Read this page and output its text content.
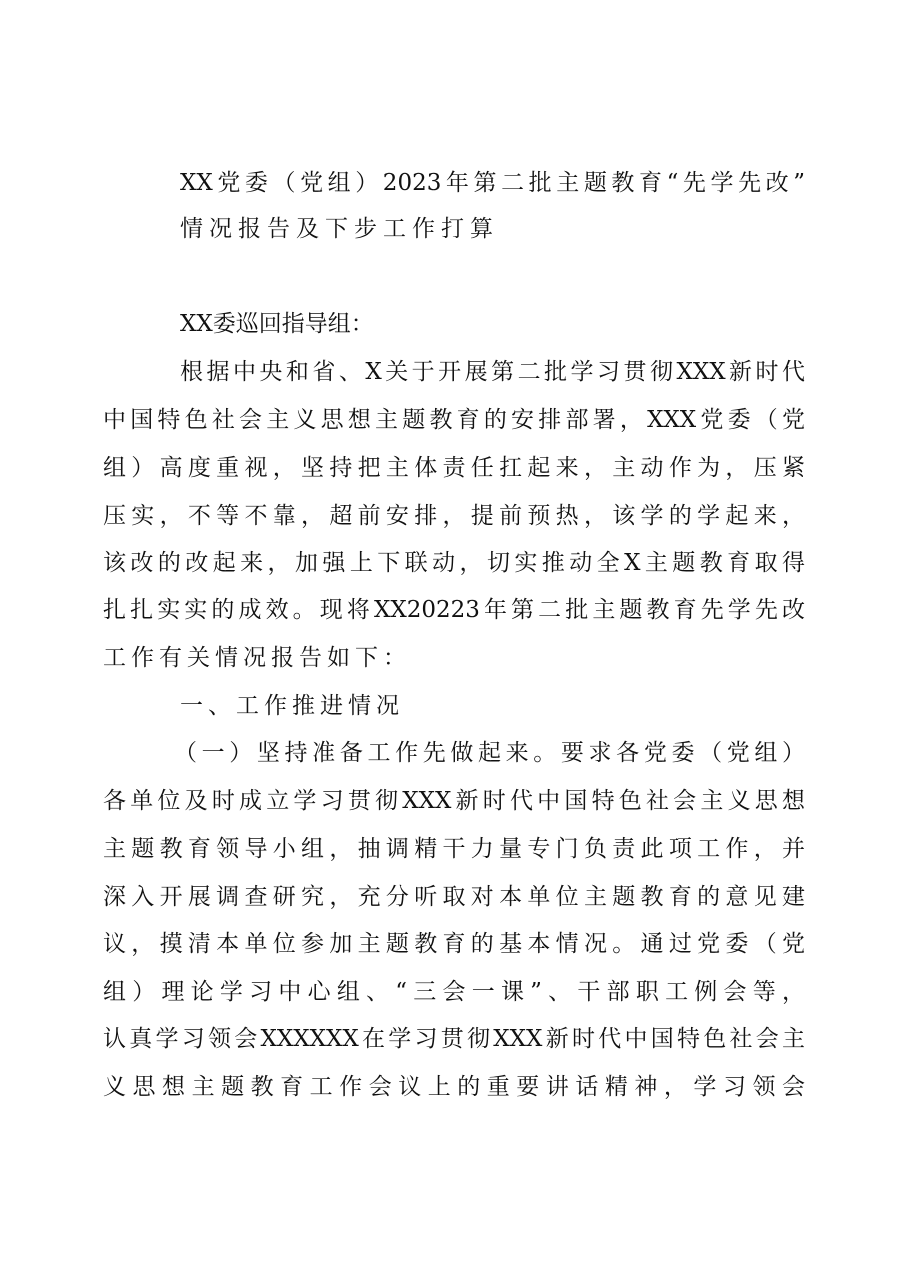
XX党委（党组）2023年第二批主题教育“先学先改”
情况报告及下步工作打算
XX委巡回指导组：
根据中央和省、X关于开展第二批学习贯彻XXX新时代
中国特色社会主义思想主题教育的安排部署，XXX党委（党
组）高度重视，坚持把主体责任扛起来，主动作为，压紧
压实，不等不靠，超前安排，提前预热，该学的学起来，
该改的改起来，加强上下联动，切实推动全X主题教育取得
扎扎实实的成效。现将XX20223年第二批主题教育先学先改
工作有关情况报告如下：
一、工作推进情况
（一）坚持准备工作先做起来。要求各党委（党组）
各单位及时成立学习贯彻XXX新时代中国特色社会主义思想
主题教育领导小组，抽调精干力量专门负责此项工作，并
深入开展调查研究，充分听取对本单位主题教育的意见建
议，摸清本单位参加主题教育的基本情况。通过党委（党
组）理论学习中心组、“三会一课”、干部职工例会等，
认真学习领会XXXXXX在学习贯彻XXX新时代中国特色社会主
义思想主题教育工作会议上的重要讲话精神，学习领会
